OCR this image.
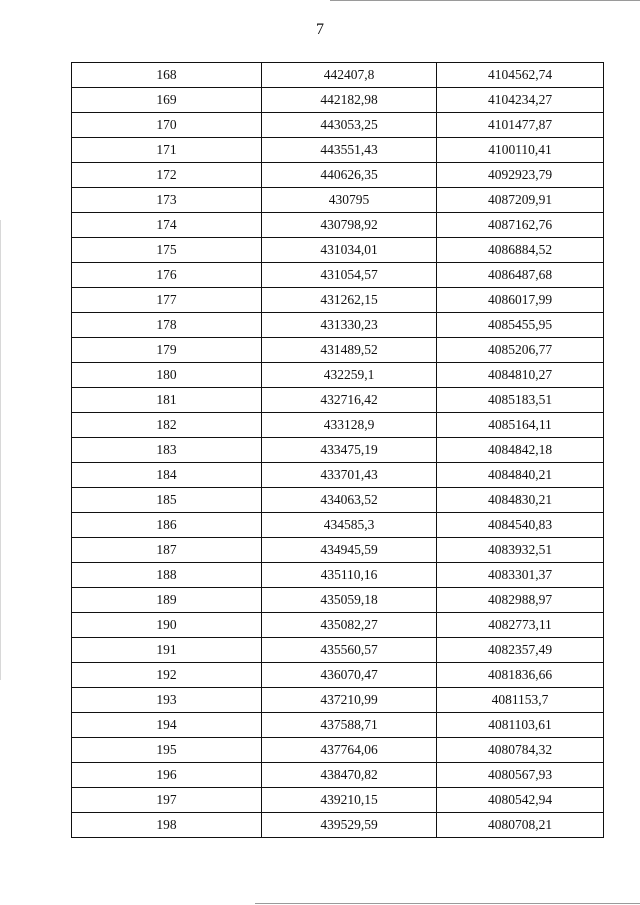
7
168	442407,8	4104562,74
169	442182,98	4104234,27
170	443053,25	4101477,87
171	443551,43	4100110,41
172	440626,35	4092923,79
173	430795	4087209,91
174	430798,92	4087162,76
175	431034,01	4086884,52
176	431054,57	4086487,68
177	431262,15	4086017,99
178	431330,23	4085455,95
179	431489,52	4085206,77
180	432259,1	4084810,27
181	432716,42	4085183,51
182	433128,9	4085164,11
183	433475,19	4084842,18
184	433701,43	4084840,21
185	434063,52	4084830,21
186	434585,3	4084540,83
187	434945,59	4083932,51
188	435110,16	4083301,37
189	435059,18	4082988,97
190	435082,27	4082773,11
191	435560,57	4082357,49
192	436070,47	4081836,66
193	437210,99	4081153,7
194	437588,71	4081103,61
195	437764,06	4080784,32
196	438470,82	4080567,93
197	439210,15	4080542,94
198	439529,59	4080708,21
